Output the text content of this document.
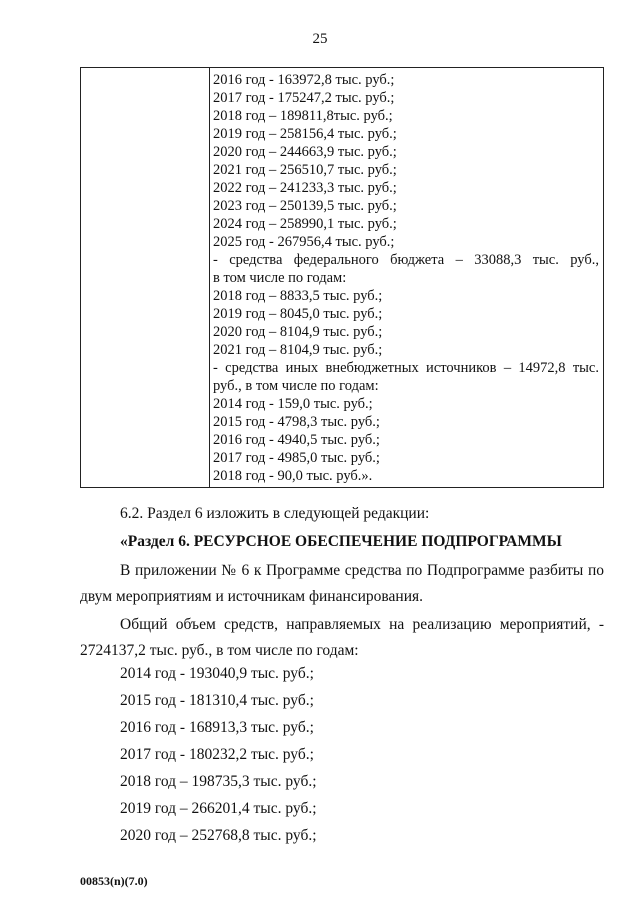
25
2016 год - 163972,8 тыс. руб.;
2017 год - 175247,2 тыс. руб.;
2018 год – 189811,8тыс. руб.;
2019 год – 258156,4 тыс. руб.;
2020 год – 244663,9 тыс. руб.;
2021 год – 256510,7 тыс. руб.;
2022 год – 241233,3 тыс. руб.;
2023 год – 250139,5 тыс. руб.;
2024 год – 258990,1 тыс. руб.;
2025 год - 267956,4 тыс. руб.;
- средства федерального бюджета – 33088,3 тыс. руб.,
в том числе по годам:
2018 год – 8833,5 тыс. руб.;
2019 год – 8045,0 тыс. руб.;
2020 год – 8104,9 тыс. руб.;
2021 год – 8104,9 тыс. руб.;
- средства иных внебюджетных источников – 14972,8 тыс.
руб., в том числе по годам:
2014 год - 159,0 тыс. руб.;
2015 год - 4798,3 тыс. руб.;
2016 год - 4940,5 тыс. руб.;
2017 год - 4985,0 тыс. руб.;
2018 год - 90,0 тыс. руб.».
6.2. Раздел 6 изложить в следующей редакции:
«Раздел 6. РЕСУРСНОЕ ОБЕСПЕЧЕНИЕ ПОДПРОГРАММЫ
В приложении № 6 к Программе средства по Подпрограмме разбиты по
двум мероприятиям и источникам финансирования.
Общий объем средств, направляемых на реализацию мероприятий, -
2724137,2 тыс. руб., в том числе по годам:
2014 год - 193040,9 тыс. руб.;
2015 год - 181310,4 тыс. руб.;
2016 год - 168913,3 тыс. руб.;
2017 год - 180232,2 тыс. руб.;
2018 год – 198735,3 тыс. руб.;
2019 год – 266201,4 тыс. руб.;
2020 год – 252768,8 тыс. руб.;
00853(n)(7.0)
